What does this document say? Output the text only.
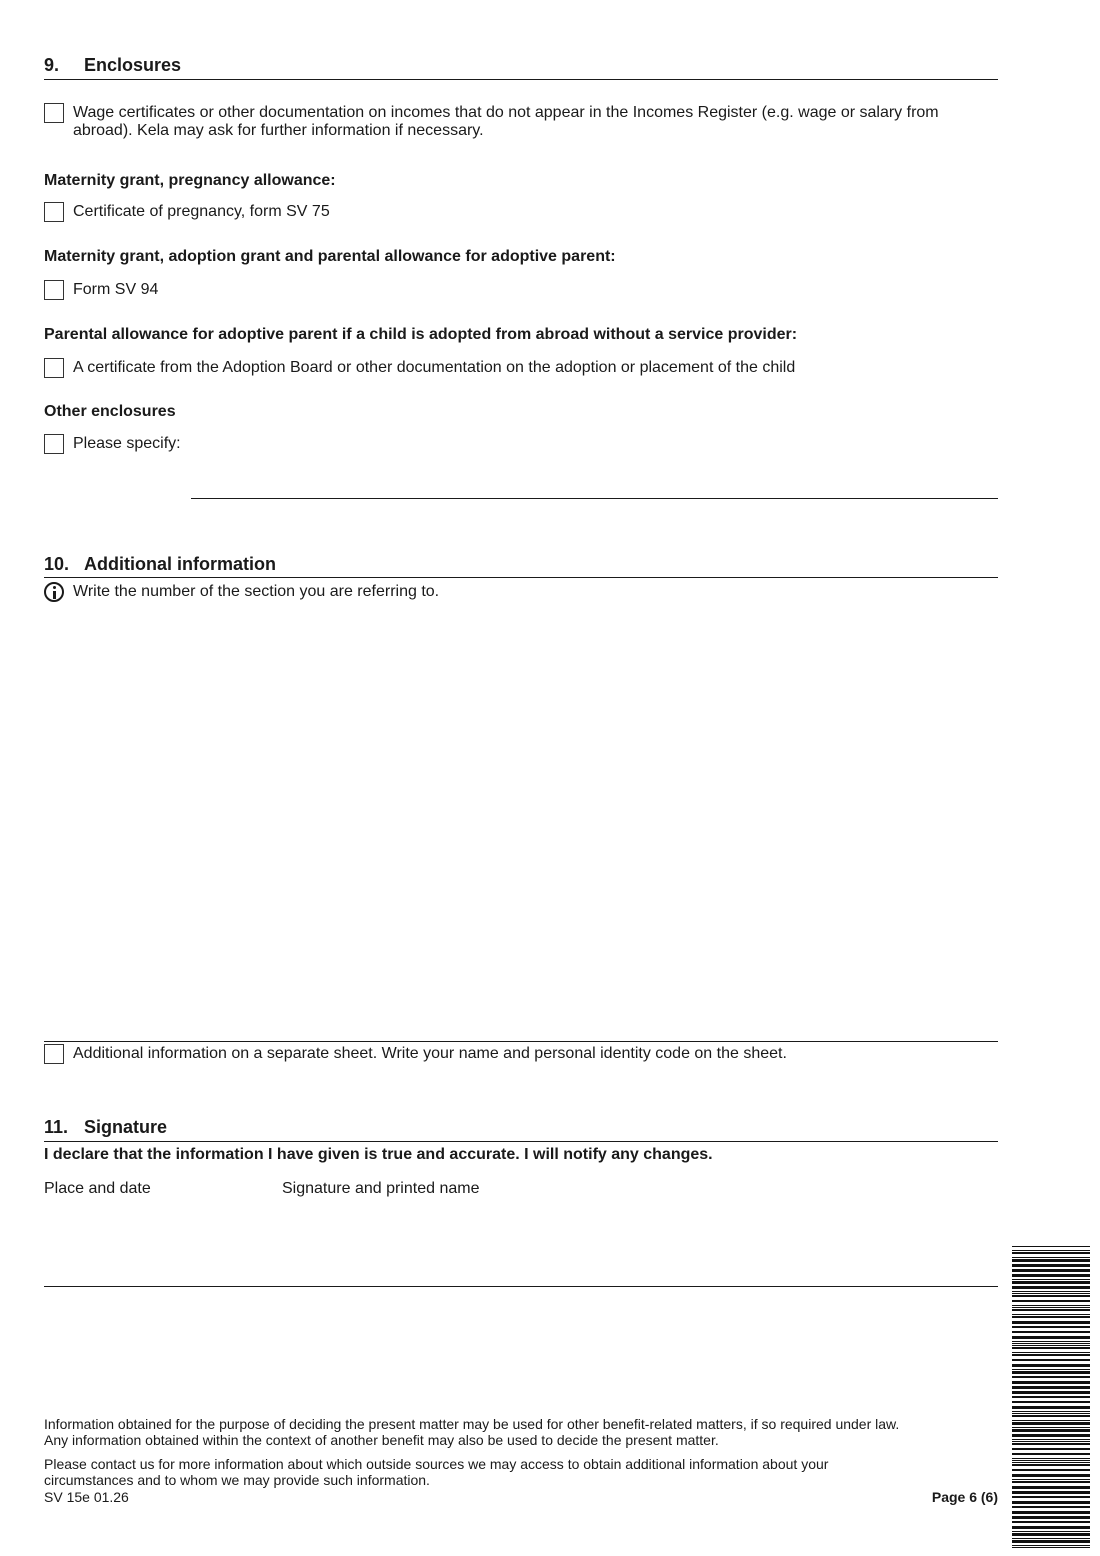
9. Enclosures
Wage certificates or other documentation on incomes that do not appear in the Incomes Register (e.g. wage or salary from
abroad). Kela may ask for further information if necessary.
Maternity grant, pregnancy allowance:
Certificate of pregnancy, form SV 75
Maternity grant, adoption grant and parental allowance for adoptive parent:
Form SV 94
Parental allowance for adoptive parent if a child is adopted from abroad without a service provider:
A certificate from the Adoption Board or other documentation on the adoption or placement of the child
Other enclosures
Please specify:
10. Additional information
Write the number of the section you are referring to.
Additional information on a separate sheet. Write your name and personal identity code on the sheet.
11. Signature
I declare that the information I have given is true and accurate. I will notify any changes.
Place and date	Signature and printed name
Information obtained for the purpose of deciding the present matter may be used for other benefit-related matters, if so required under law.
Any information obtained within the context of another benefit may also be used to decide the present matter.
Please contact us for more information about which outside sources we may access to obtain additional information about your
circumstances and to whom we may provide such information.
SV 15e 01.26	Page 6 (6)
